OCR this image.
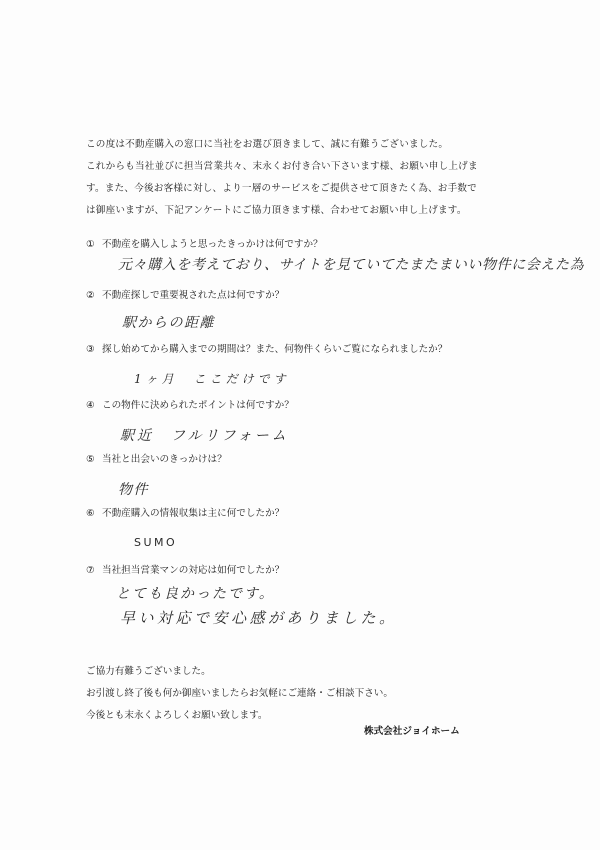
この度は不動産購入の窓口に当社をお選び頂きまして、誠に有難うございました。

これからも当社並びに担当営業共々、末永くお付き合い下さいます様、お願い申し上げま

す。また、今後お客様に対し、より一層のサービスをご提供させて頂きたく為、お手数で

は御座いますが、下記アンケートにご協力頂きます様、合わせてお願い申し上げます。

① 不動産を購入しようと思ったきっかけは何ですか？
元々購入を考えており、サイトを見ていてたまたまいい物件に会えた為
② 不動産探しで重要視された点は何ですか？
駅からの距離
③ 探し始めてから購入までの期間は？また、何物件くらいご覧になられましたか？
1ヶ月　ここだけです
④ この物件に決められたポイントは何ですか？
駅近　フルリフォーム
⑤ 当社と出会いのきっかけは？
物件
⑥ 不動産購入の情報収集は主に何でしたか？
SUMO
⑦ 当社担当営業マンの対応は如何でしたか？
とても良かったです。
早い対応で安心感がありました。

ご協力有難うございました。

お引渡し終了後も何か御座いましたらお気軽にご連絡・ご相談下さい。

今後とも末永くよろしくお願い致します。

株式会社ジョイホーム
